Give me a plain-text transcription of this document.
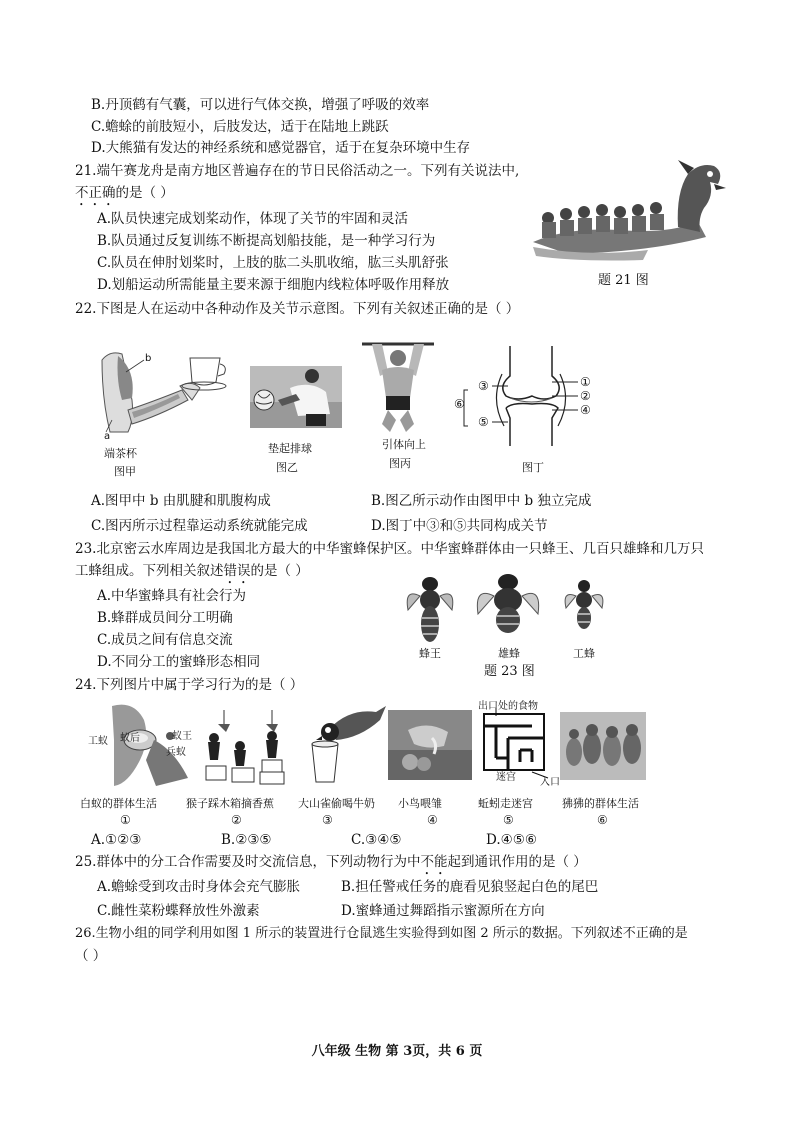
B.丹顶鹤有气囊，可以进行气体交换，增强了呼吸的效率
C.蟾蜍的前肢短小，后肢发达，适于在陆地上跳跃
D.大熊猫有发达的神经系统和感觉器官，适于在复杂环境中生存
21.端午赛龙舟是南方地区普遍存在的节日民俗活动之一。下列有关说法中,
不正确的是（ ）
A.队员快速完成划桨动作，体现了关节的牢固和灵活
B.队员通过反复训练不断提高划船技能，是一种学习行为
C.队员在伸肘划桨时，上肢的肱二头肌收缩，肱三头肌舒张
D.划船运动所需能量主要来源于细胞内线粒体呼吸作用释放	题 21 图
22.下图是人在运动中各种动作及关节示意图。下列有关叙述正确的是（ ）
b
a
端茶杯
图甲
垫起排球
图乙
引体向上
图丙
③
⑤
⑥
①
②
④
图丁
A.图甲中 b 由肌腱和肌腹构成	B.图乙所示动作由图甲中 b 独立完成
C.图丙所示过程靠运动系统就能完成	D.图丁中③和⑤共同构成关节
23.北京密云水库周边是我国北方最大的中华蜜蜂保护区。中华蜜蜂群体由一只蜂王、几百只雄蜂和几万只
工蜂组成。下列相关叙述错误的是（ ）
A.中华蜜蜂具有社会行为
B.蜂群成员间分工明确
C.成员之间有信息交流
D.不同分工的蜜蜂形态相同
蜂王	雄蜂	工蜂
题 23 图
24.下列图片中属于学习行为的是（ ）
工蚁 蚁后	蚁王
兵蚁
出口处的食物
迷宫 入口
白蚁的群体生活	猴子踩木箱摘香蕉 大山雀偷喝牛奶 小鸟喂雏	蚯蚓走迷宫	狒狒的群体生活
①	②	③	④	⑤	⑥
A.①②③	B.②③⑤	C.③④⑤	D.④⑤⑥
25.群体中的分工合作需要及时交流信息，下列动物行为中不能起到通讯作用的是（ ）
A.蟾蜍受到攻击时身体会充气膨胀	B.担任警戒任务的鹿看见狼竖起白色的尾巴
C.雌性菜粉蝶释放性外激素	D.蜜蜂通过舞蹈指示蜜源所在方向
26.生物小组的同学利用如图 1 所示的装置进行仓鼠逃生实验得到如图 2 所示的数据。下列叙述不正确的是
（ ）
八年级 生物 第 3页，共 6 页
